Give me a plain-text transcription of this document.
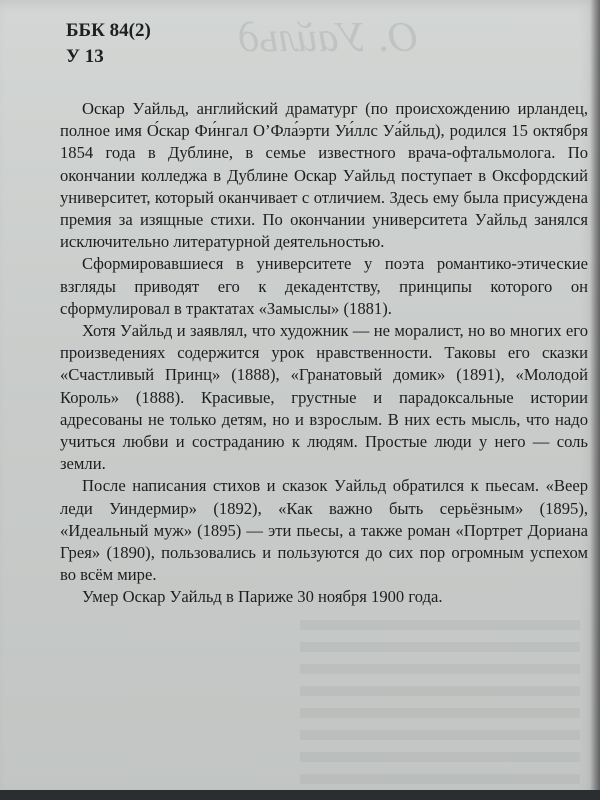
О. Уайльд
ББК 84(2)
У 13

Оскар Уайльд, английский драматург (по происхождению ирландец, полное имя О́скар Фи́нгал О’Фла́эрти Уи́ллс Уа́йльд), родился 15 октября 1854 года в Дублине, в семье известного врача-офтальмолога. По окончании колледжа в Дублине Оскар Уайльд поступает в Оксфордский университет, который оканчивает с отличием. Здесь ему была присуждена премия за изящные стихи. По окончании университета Уайльд занялся исключительно литературной деятельностью.

Сформировавшиеся в университете у поэта романтико-этические взгляды приводят его к декадентству, принципы которого он сформулировал в трактатах «Замыслы» (1881).

Хотя Уайльд и заявлял, что художник — не моралист, но во многих его произведениях содержится урок нравственности. Таковы его сказки «Счастливый Принц» (1888), «Гранатовый домик» (1891), «Молодой Король» (1888). Красивые, грустные и парадоксальные истории адресованы не только детям, но и взрослым. В них есть мысль, что надо учиться любви и состраданию к людям. Простые люди у него — соль земли.

После написания стихов и сказок Уайльд обратился к пьесам. «Веер леди Уиндермир» (1892), «Как важно быть серьёзным» (1895), «Идеальный муж» (1895) — эти пьесы, а также роман «Портрет Дориана Грея» (1890), пользовались и пользуются до сих пор огромным успехом во всём мире.

Умер Оскар Уайльд в Париже 30 ноября 1900 года.
